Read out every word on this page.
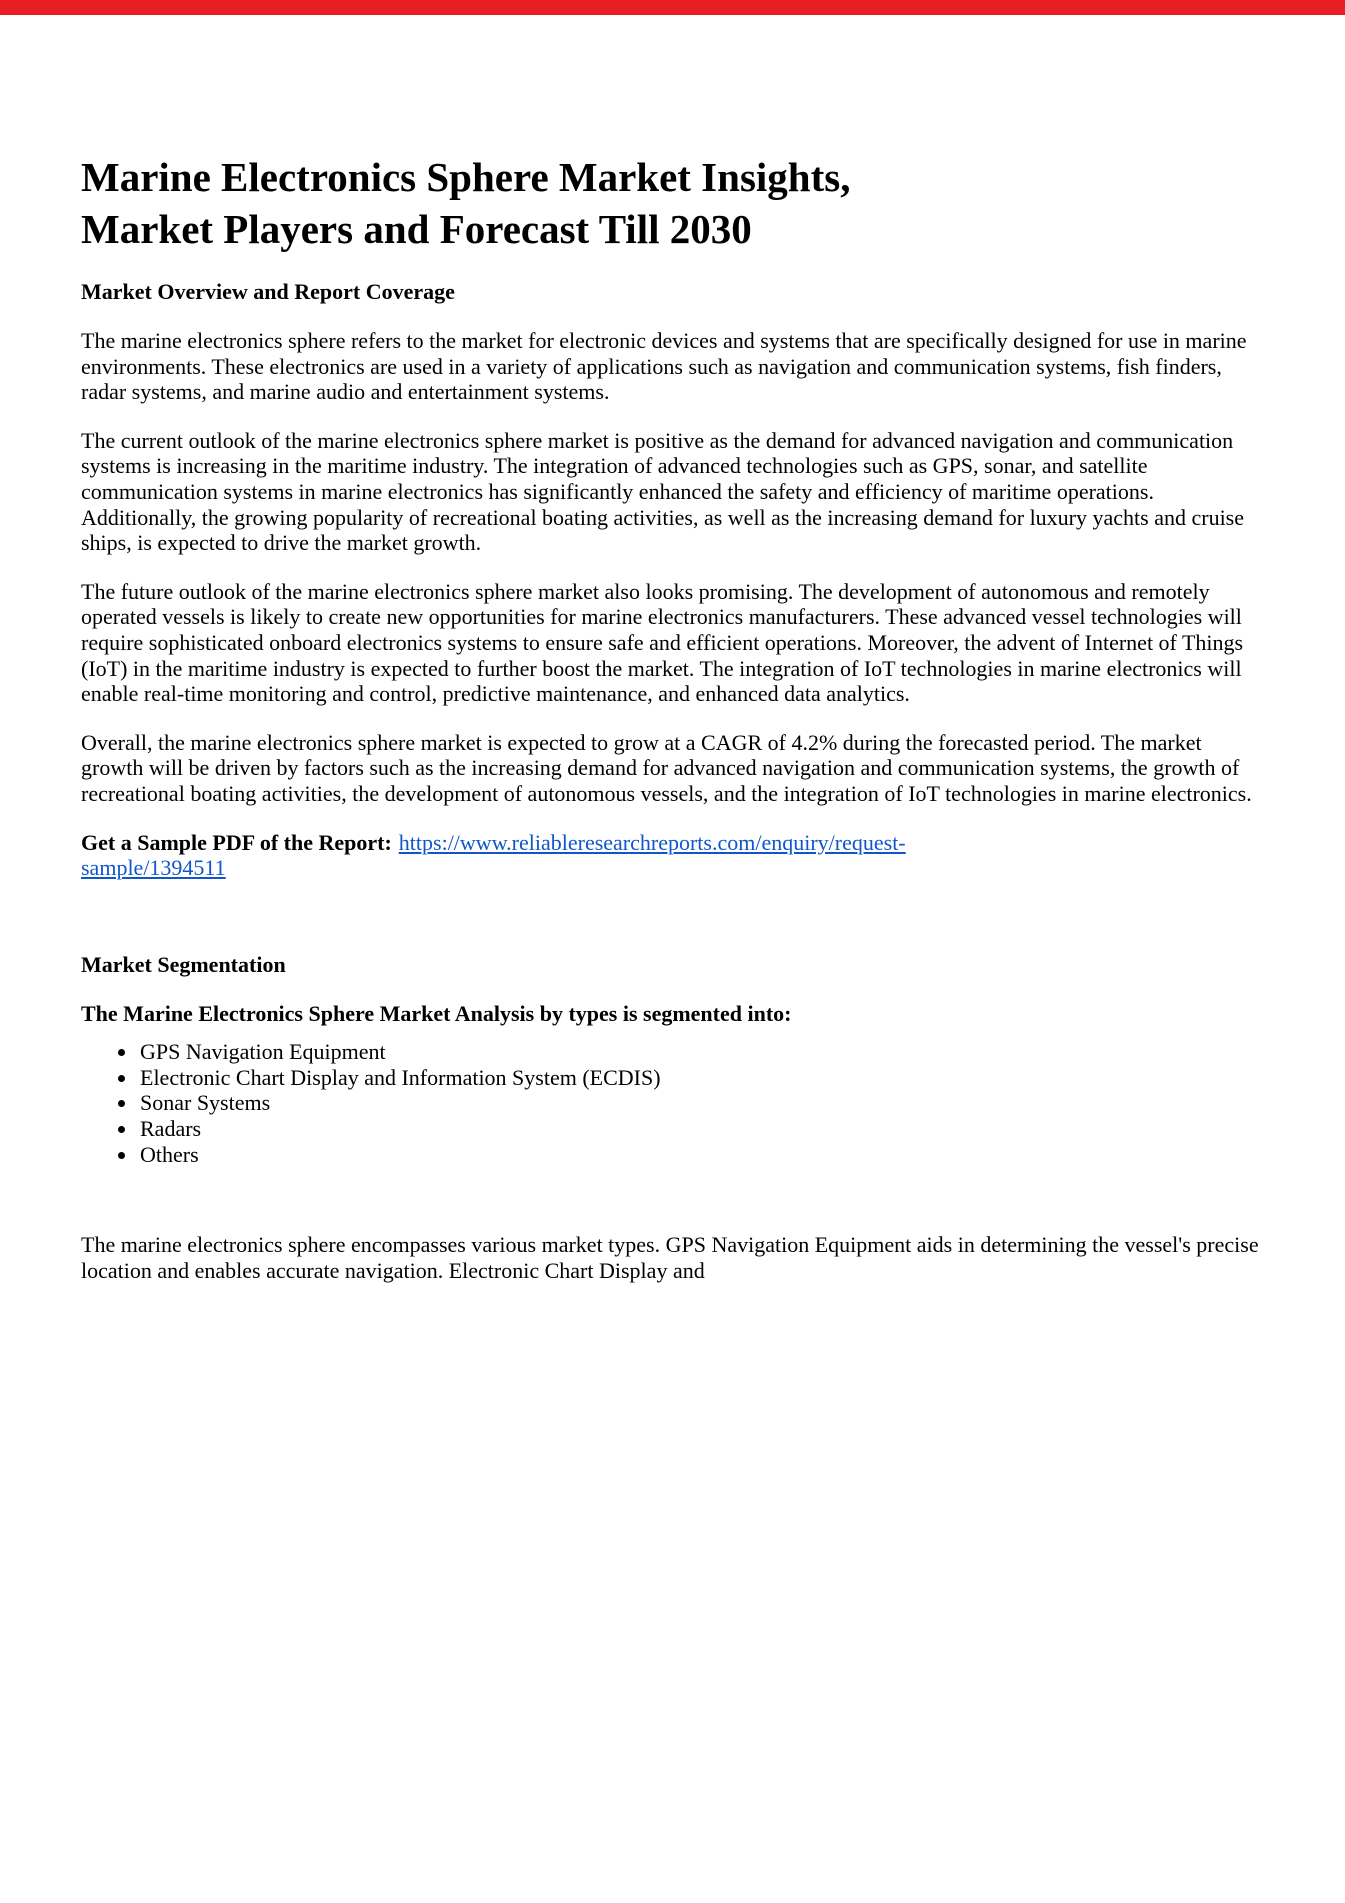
Marine Electronics Sphere Market Insights,
Market Players and Forecast Till 2030
Market Overview and Report Coverage

The marine electronics sphere refers to the market for electronic devices and systems that are specifically designed for use in marine environments. These electronics are used in a variety of applications such as navigation and communication systems, fish finders, radar systems, and marine audio and entertainment systems.

The current outlook of the marine electronics sphere market is positive as the demand for advanced navigation and communication systems is increasing in the maritime industry. The integration of advanced technologies such as GPS, sonar, and satellite communication systems in marine electronics has significantly enhanced the safety and efficiency of maritime operations. Additionally, the growing popularity of recreational boating activities, as well as the increasing demand for luxury yachts and cruise ships, is expected to drive the market growth.

The future outlook of the marine electronics sphere market also looks promising. The development of autonomous and remotely operated vessels is likely to create new opportunities for marine electronics manufacturers. These advanced vessel technologies will require sophisticated onboard electronics systems to ensure safe and efficient operations. Moreover, the advent of Internet of Things (IoT) in the maritime industry is expected to further boost the market. The integration of IoT technologies in marine electronics will enable real-time monitoring and control, predictive maintenance, and enhanced data analytics.

Overall, the marine electronics sphere market is expected to grow at a CAGR of 4.2% during the forecasted period. The market growth will be driven by factors such as the increasing demand for advanced navigation and communication systems, the growth of recreational boating activities, the development of autonomous vessels, and the integration of IoT technologies in marine electronics.

Get a Sample PDF of the Report: https://www.reliableresearchreports.com/enquiry/request-
sample/1394511

Market Segmentation

The Marine Electronics Sphere Market Analysis by types is segmented into:

• GPS Navigation Equipment
• Electronic Chart Display and Information System (ECDIS)
• Sonar Systems
• Radars
• Others

The marine electronics sphere encompasses various market types. GPS Navigation Equipment aids in determining the vessel's precise location and enables accurate navigation. Electronic Chart Display and
